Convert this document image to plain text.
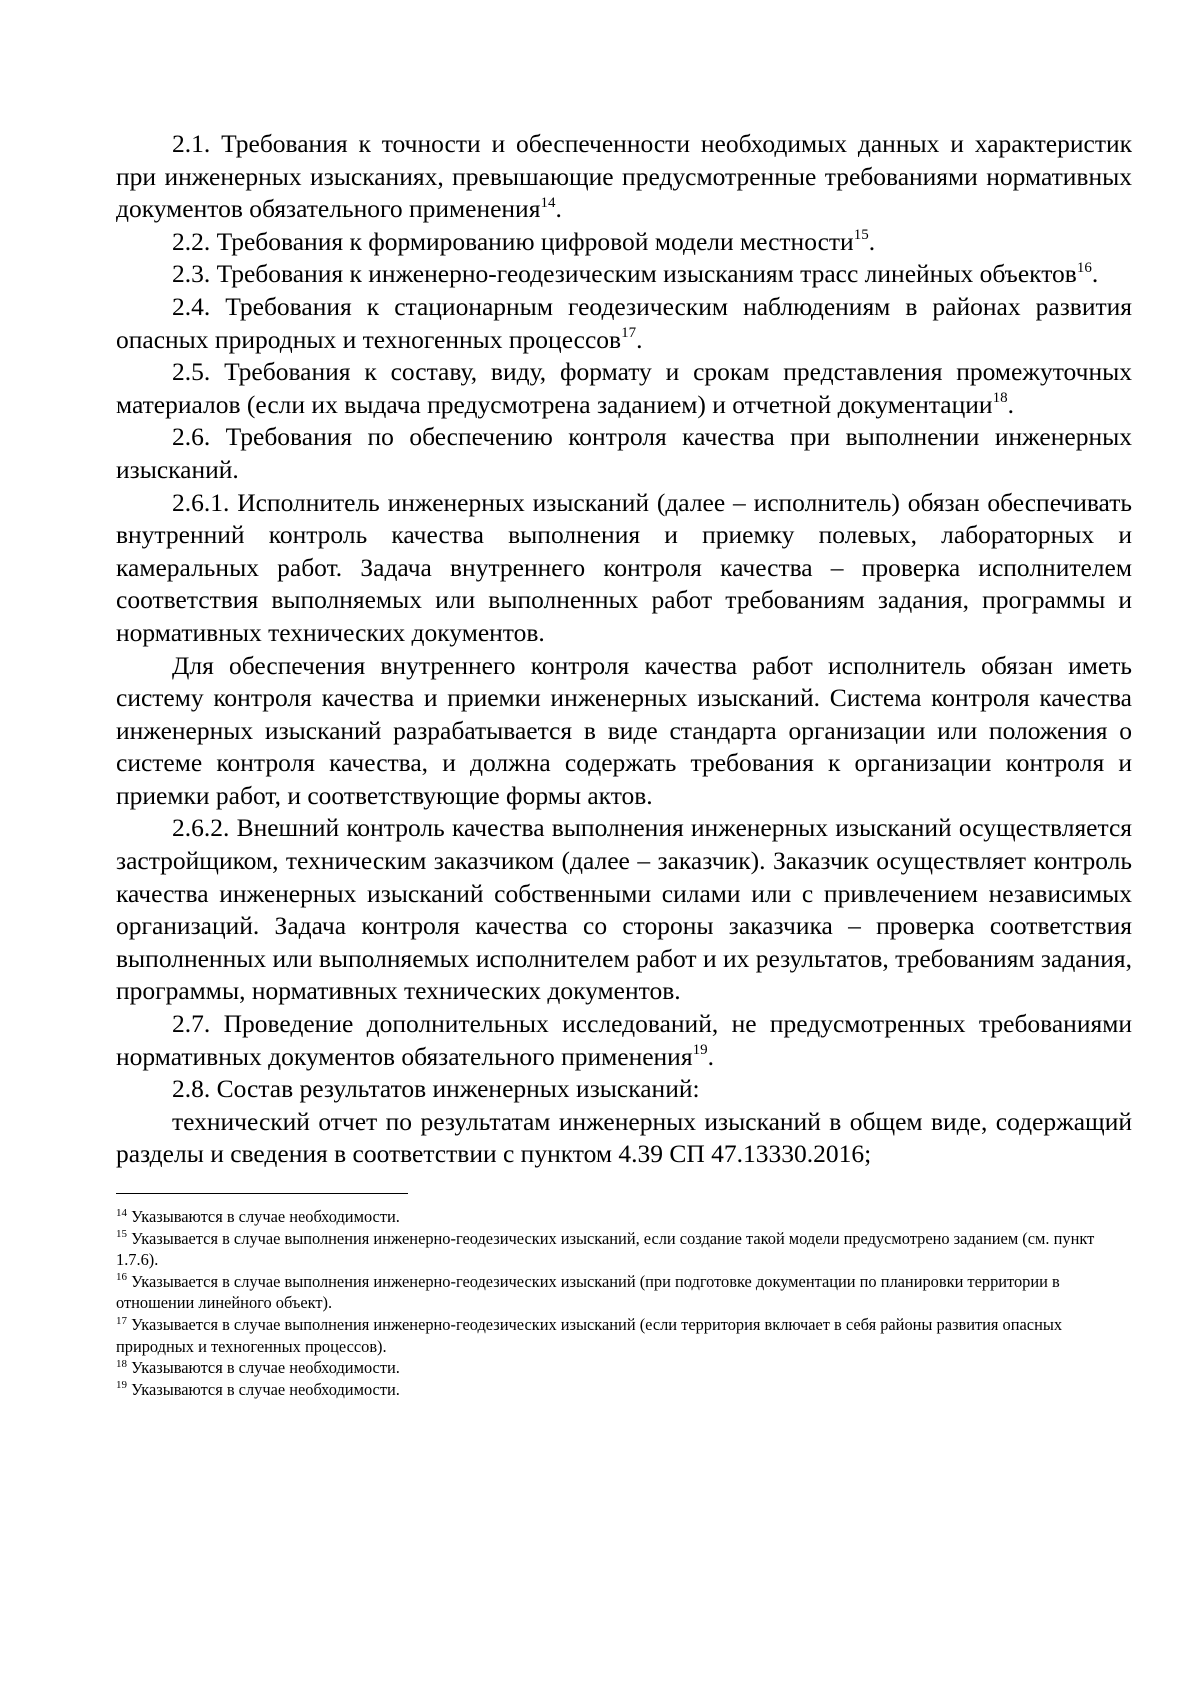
2.1. Требования к точности и обеспеченности необходимых данных и характеристик при инженерных изысканиях, превышающие предусмотренные требованиями нормативных документов обязательного применения$^{14}$.

2.2. Требования к формированию цифровой модели местности$^{15}$.

2.3. Требования к инженерно-геодезическим изысканиям трасс линейных объектов$^{16}$.

2.4. Требования к стационарным геодезическим наблюдениям в районах развития опасных природных и техногенных процессов$^{17}$.

2.5. Требования к составу, виду, формату и срокам представления промежуточных материалов (если их выдача предусмотрена заданием) и отчетной документации$^{18}$.

2.6. Требования по обеспечению контроля качества при выполнении инженерных изысканий.

2.6.1. Исполнитель инженерных изысканий (далее – исполнитель) обязан обеспечивать внутренний контроль качества выполнения и приемку полевых, лабораторных и камеральных работ. Задача внутреннего контроля качества – проверка исполнителем соответствия выполняемых или выполненных работ требованиям задания, программы и нормативных технических документов.

Для обеспечения внутреннего контроля качества работ исполнитель обязан иметь систему контроля качества и приемки инженерных изысканий. Система контроля качества инженерных изысканий разрабатывается в виде стандарта организации или положения о системе контроля качества, и должна содержать требования к организации контроля и приемки работ, и соответствующие формы актов.

2.6.2. Внешний контроль качества выполнения инженерных изысканий осуществляется застройщиком, техническим заказчиком (далее – заказчик). Заказчик осуществляет контроль качества инженерных изысканий собственными силами или с привлечением независимых организаций. Задача контроля качества со стороны заказчика – проверка соответствия выполненных или выполняемых исполнителем работ и их результатов, требованиям задания, программы, нормативных технических документов.

2.7. Проведение дополнительных исследований, не предусмотренных требованиями нормативных документов обязательного применения$^{19}$.

2.8. Состав результатов инженерных изысканий:

технический отчет по результатам инженерных изысканий в общем виде, содержащий разделы и сведения в соответствии с пунктом 4.39 СП 47.13330.2016;

$^{14}$ Указываются в случае необходимости.

$^{15}$ Указывается в случае выполнения инженерно-геодезических изысканий, если создание такой модели предусмотрено заданием (см. пункт 1.7.6).

$^{16}$ Указывается в случае выполнения инженерно-геодезических изысканий (при подготовке документации по планировки территории в отношении линейного объект).

$^{17}$ Указывается в случае выполнения инженерно-геодезических изысканий (если территория включает в себя районы развития опасных природных и техногенных процессов).

$^{18}$ Указываются в случае необходимости.

$^{19}$ Указываются в случае необходимости.
